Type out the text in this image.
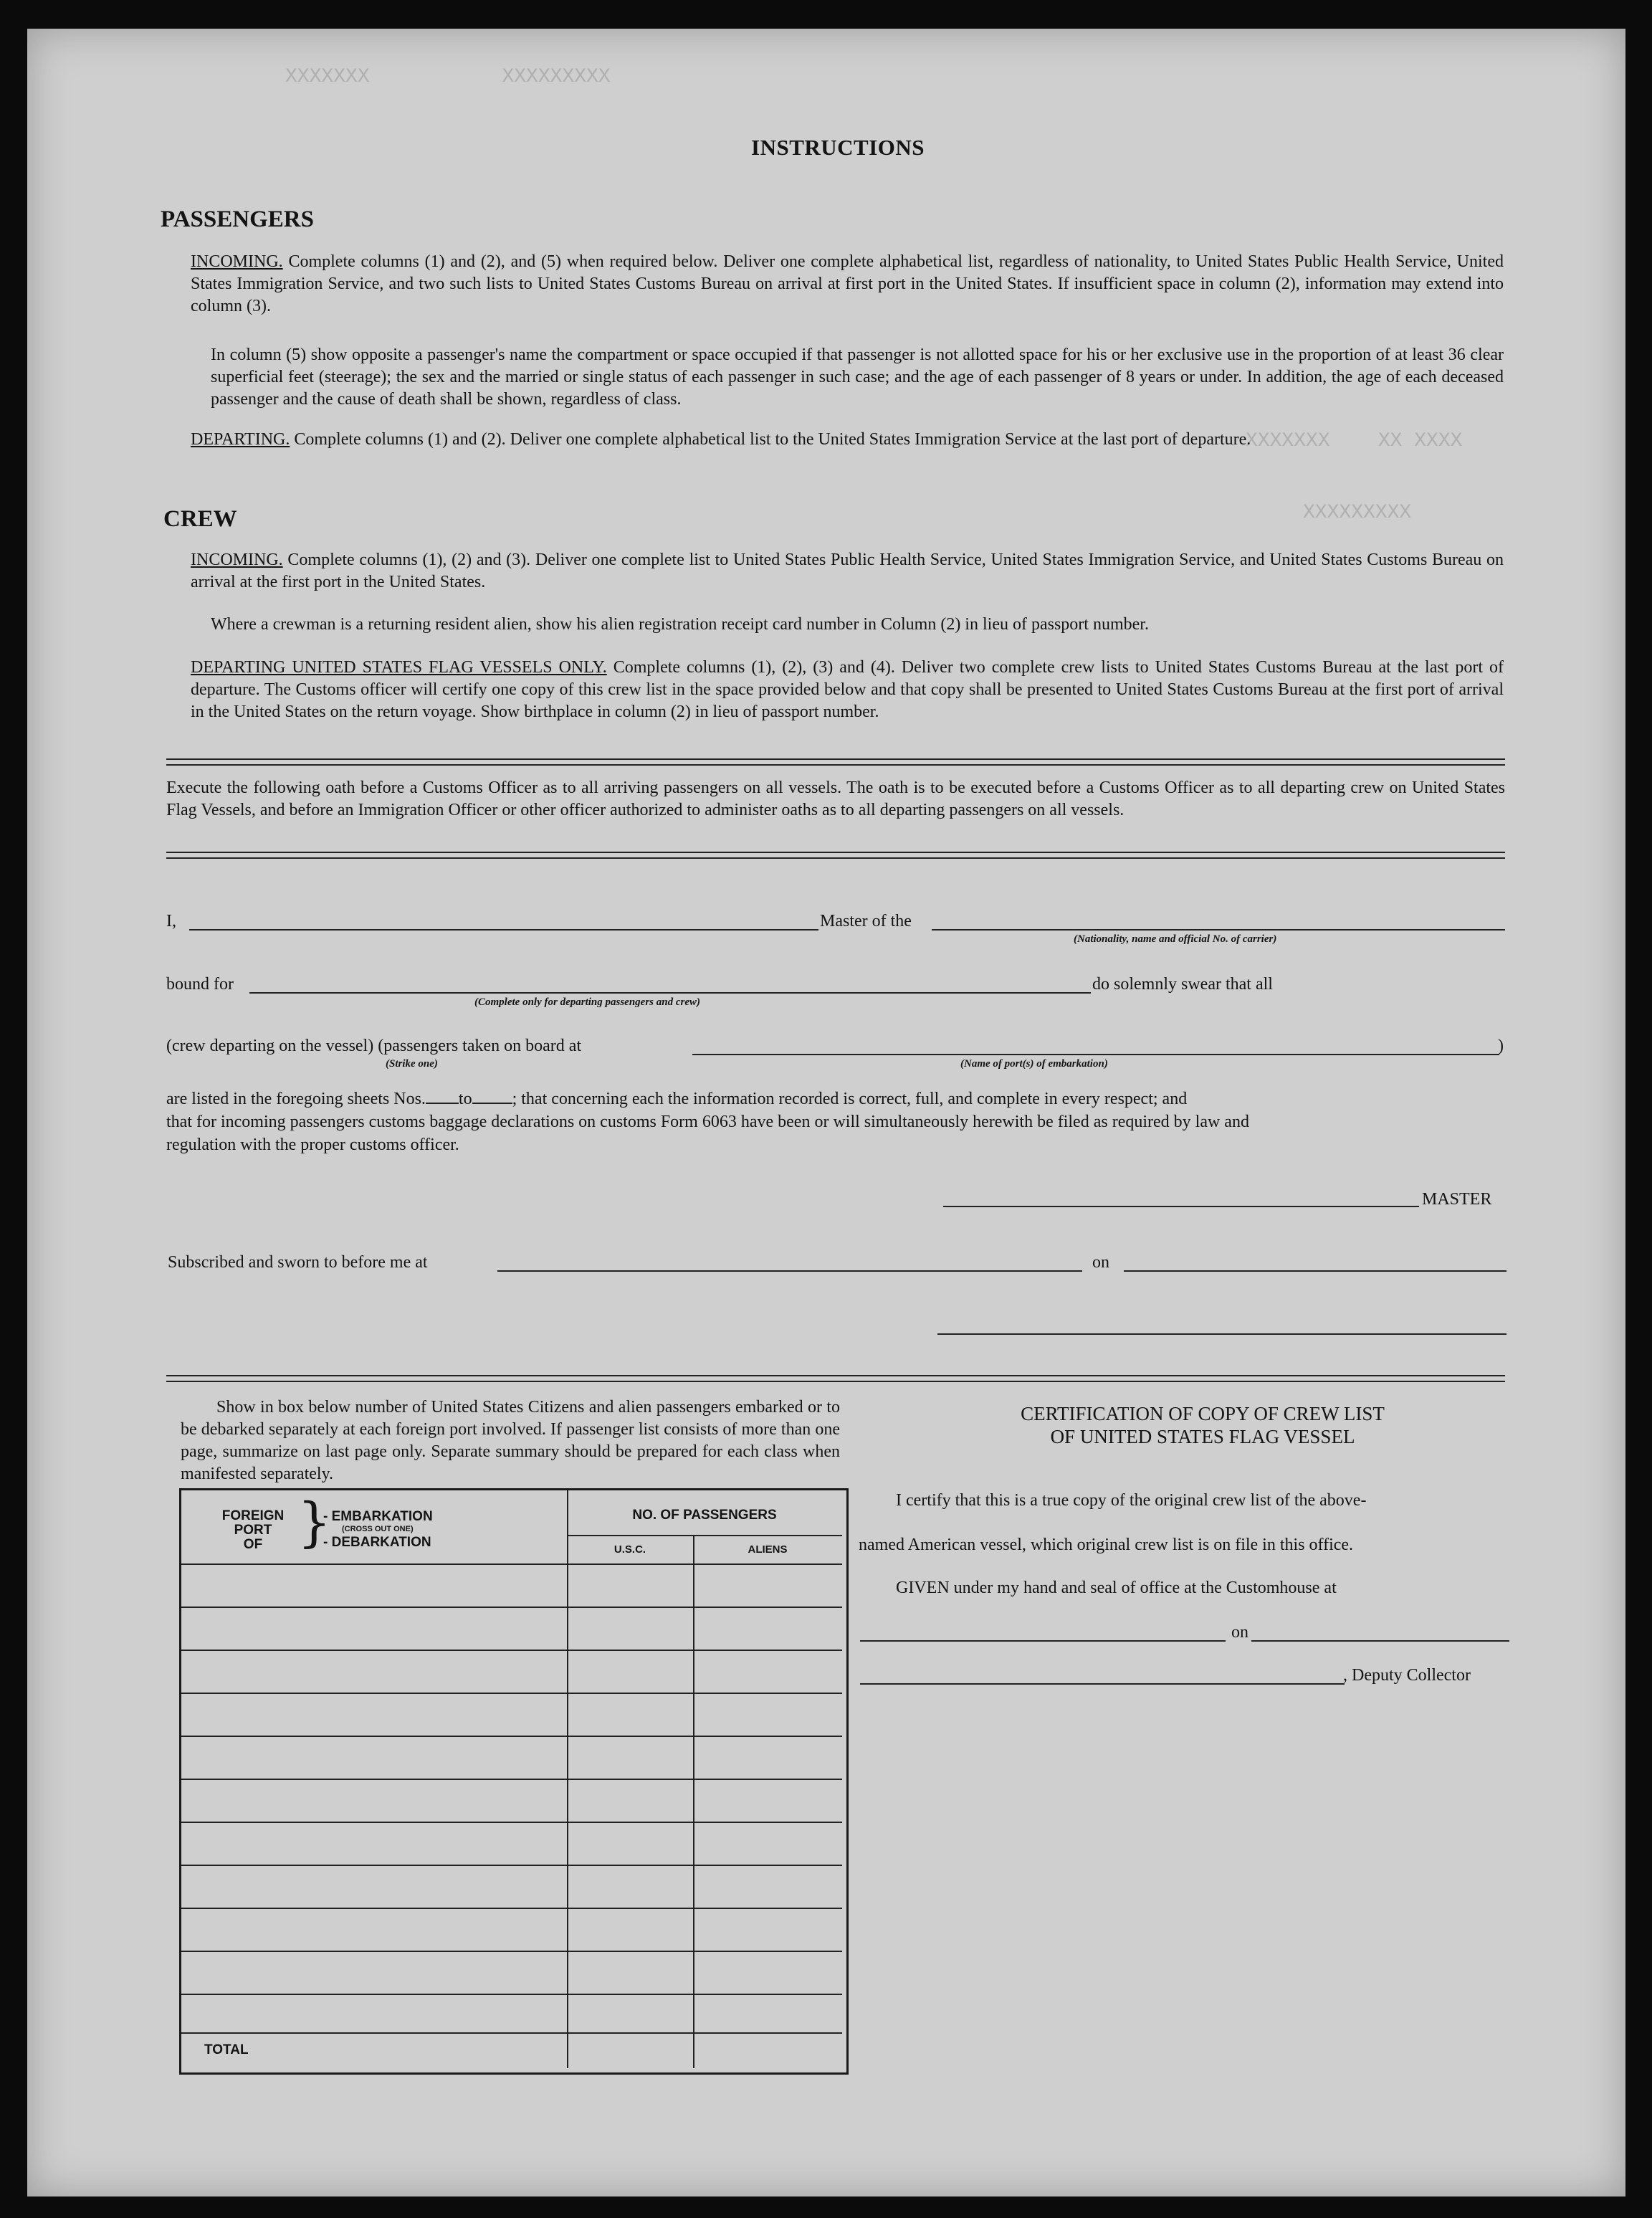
XXXXXXX           XXXXXXXXX
XXXXXXX    XX XXXX
XXXXXXXXX
INSTRUCTIONS
PASSENGERS
INCOMING. Complete columns (1) and (2), and (5) when required below. Deliver one complete alphabetical list, regardless of nationality, to United States Public Health Service, United States Immigration Service, and two such lists to United States Customs Bureau on arrival at first port in the United States. If insufficient space in column (2), information may extend into column (3).
In column (5) show opposite a passenger's name the compartment or space occupied if that passenger is not allotted space for his or her exclusive use in the proportion of at least 36 clear superficial feet (steerage); the sex and the married or single status of each passenger in such case; and the age of each passenger of 8 years or under. In addition, the age of each deceased passenger and the cause of death shall be shown, regardless of class.
DEPARTING. Complete columns (1) and (2). Deliver one complete alphabetical list to the United States Immigration Service at the last port of departure.
CREW
INCOMING. Complete columns (1), (2) and (3). Deliver one complete list to United States Public Health Service, United States Immigration Service, and United States Customs Bureau on arrival at the first port in the United States.
Where a crewman is a returning resident alien, show his alien registration receipt card number in Column (2) in lieu of passport number.
DEPARTING UNITED STATES FLAG VESSELS ONLY. Complete columns (1), (2), (3) and (4). Deliver two complete crew lists to United States Customs Bureau at the last port of departure. The Customs officer will certify one copy of this crew list in the space provided below and that copy shall be presented to United States Customs Bureau at the first port of arrival in the United States on the return voyage. Show birthplace in column (2) in lieu of passport number.
Execute the following oath before a Customs Officer as to all arriving passengers on all vessels. The oath is to be executed before a Customs Officer as to all departing crew on United States Flag Vessels, and before an Immigration Officer or other officer authorized to administer oaths as to all departing passengers on all vessels.
I,	Master of the
(Nationality, name and official No. of carrier)
bound for
(Complete only for departing passengers and crew)
do solemnly swear that all
(crew departing on the vessel) (passengers taken on board at	)
(Strike one)	(Name of port(s) of embarkation)
are listed in the foregoing sheets Nos. to ; that concerning each the information recorded is correct, full, and complete in every respect; and
that for incoming passengers customs baggage declarations on customs Form 6063 have been or will simultaneously herewith be filed as required by law and
regulation with the proper customs officer.
MASTER
Subscribed and sworn to before me at	on
Show in box below number of United States Citizens and alien passengers embarked or to be debarked separately at each foreign port involved. If passenger list consists of more than one page, summarize on last page only. Separate summary should be prepared for each class when manifested separately.
FOREIGN
PORT
OF }
- EMBARKATION
(CROSS OUT ONE)
- DEBARKATION
NO. OF PASSENGERS
U.S.C.	ALIENS
TOTAL
CERTIFICATION OF COPY OF CREW LIST
OF UNITED STATES FLAG VESSEL
I certify that this is a true copy of the original crew list of the above-
named American vessel, which original crew list is on file in this office.
GIVEN under my hand and seal of office at the Customhouse at
on
, Deputy Collector
